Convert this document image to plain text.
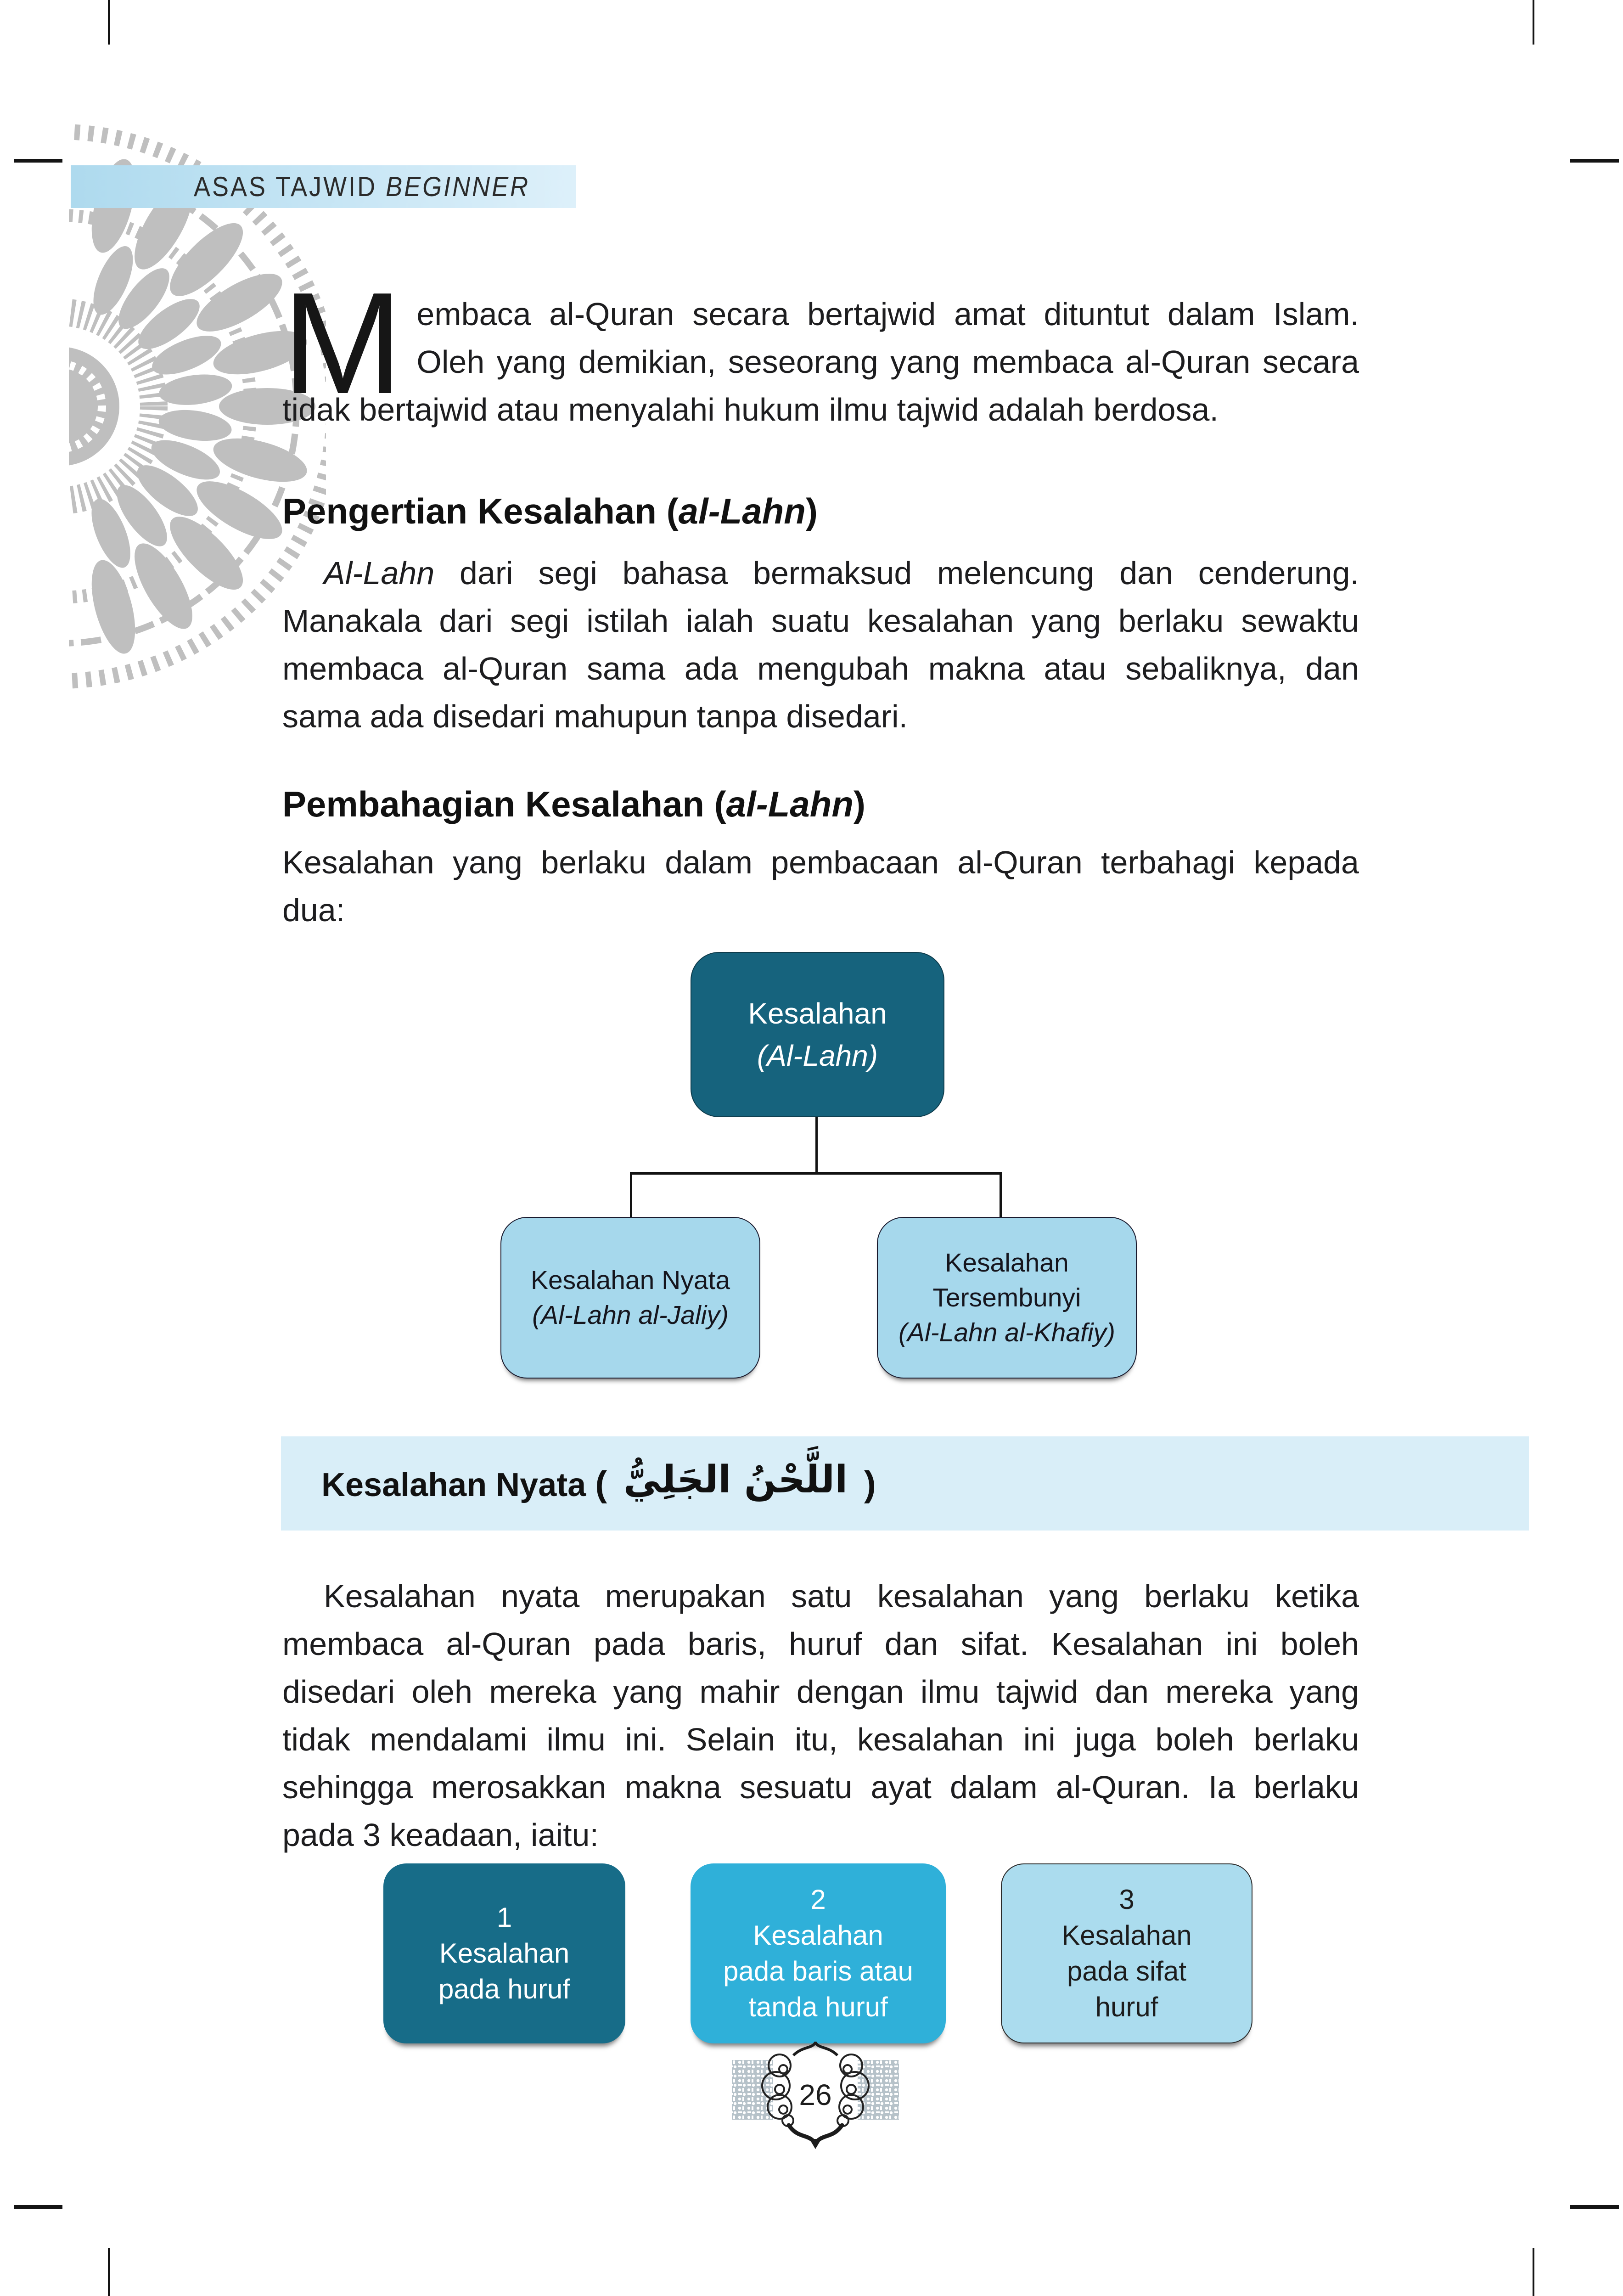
ASAS TAJWID BEGINNER
M embaca al-Quran secara bertajwid amat dituntut dalam Islam.
Oleh yang demikian, seseorang yang membaca al-Quran secara
tidak bertajwid atau menyalahi hukum ilmu tajwid adalah berdosa.
Pengertian Kesalahan (al-Lahn)
Al-Lahn dari segi bahasa bermaksud melencung dan cenderung.
Manakala dari segi istilah ialah suatu kesalahan yang berlaku sewaktu
membaca al-Quran sama ada mengubah makna atau sebaliknya, dan
sama ada disedari mahupun tanpa disedari.
Pembahagian Kesalahan (al-Lahn)
Kesalahan yang berlaku dalam pembacaan al-Quran terbahagi kepada
dua:
Kesalahan
(Al-Lahn)
Kesalahan Nyata
(Al-Lahn al-Jaliy)
Kesalahan
Tersembunyi
(Al-Lahn al-Khafiy)
Kesalahan Nyata ( اللَّحْنُ الجَلِيُّ )
Kesalahan nyata merupakan satu kesalahan yang berlaku ketika
membaca al-Quran pada baris, huruf dan sifat. Kesalahan ini boleh
disedari oleh mereka yang mahir dengan ilmu tajwid dan mereka yang
tidak mendalami ilmu ini. Selain itu, kesalahan ini juga boleh berlaku
sehingga merosakkan makna sesuatu ayat dalam al-Quran. Ia berlaku
pada 3 keadaan, iaitu:
1
Kesalahan
pada huruf
2
Kesalahan
pada baris atau
tanda huruf
3
Kesalahan
pada sifat
huruf
26
